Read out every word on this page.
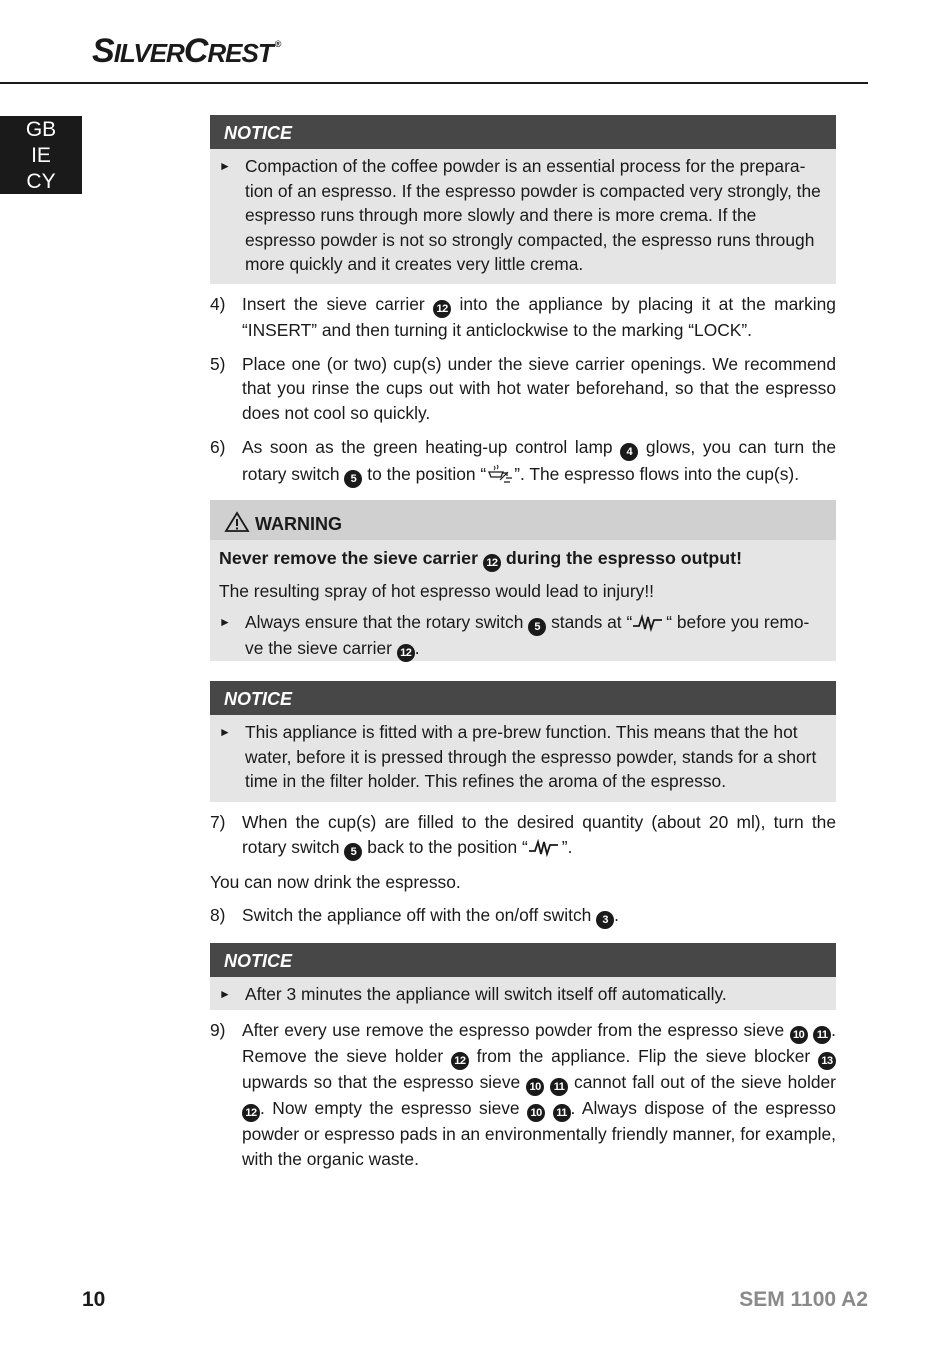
SILVERCREST ®
GB
IE
CY
NOTICE
► Compaction of the coffee powder is an essential process for the prepara-tion of an espresso. If the espresso powder is compacted very strongly, the espresso runs through more slowly and there is more crema. If the espresso powder is not so strongly compacted, the espresso runs through more quickly and it creates very little crema.
4) Insert the sieve carrier 12 into the appliance by placing it at the marking “INSERT” and then turning it anticlockwise to the marking “LOCK”.
5) Place one (or two) cup(s) under the sieve carrier openings. We recommend that you rinse the cups out with hot water beforehand, so that the espresso does not cool so quickly.
6) As soon as the green heating-up control lamp 4 glows, you can turn the rotary switch 5 to the position “ ”. The espresso flows into the cup(s).
WARNING
Never remove the sieve carrier 12 during the espresso output!
The resulting spray of hot espresso would lead to injury!!
► Always ensure that the rotary switch 5 stands at “ “ before you remo-ve the sieve carrier 12 .
NOTICE
► This appliance is fitted with a pre-brew function. This means that the hot water, before it is pressed through the espresso powder, stands for a short time in the filter holder. This refines the aroma of the espresso.
7) When the cup(s) are filled to the desired quantity (about 20 ml), turn the rotary switch 5 back to the position “ ”.
You can now drink the espresso.
8) Switch the appliance off with the on/off switch 3 .
NOTICE
► After 3 minutes the appliance will switch itself off automatically.
9) After every use remove the espresso powder from the espresso sieve 10 11 . Remove the sieve holder 12 from the appliance. Flip the sieve blocker 13 upwards so that the espresso sieve 10 11 cannot fall out of the sieve holder 12 . Now empty the espresso sieve 10 11 . Always dispose of the espresso powder or espresso pads in an environmentally friendly manner, for example, with the organic waste.
10	SEM 1100 A2
